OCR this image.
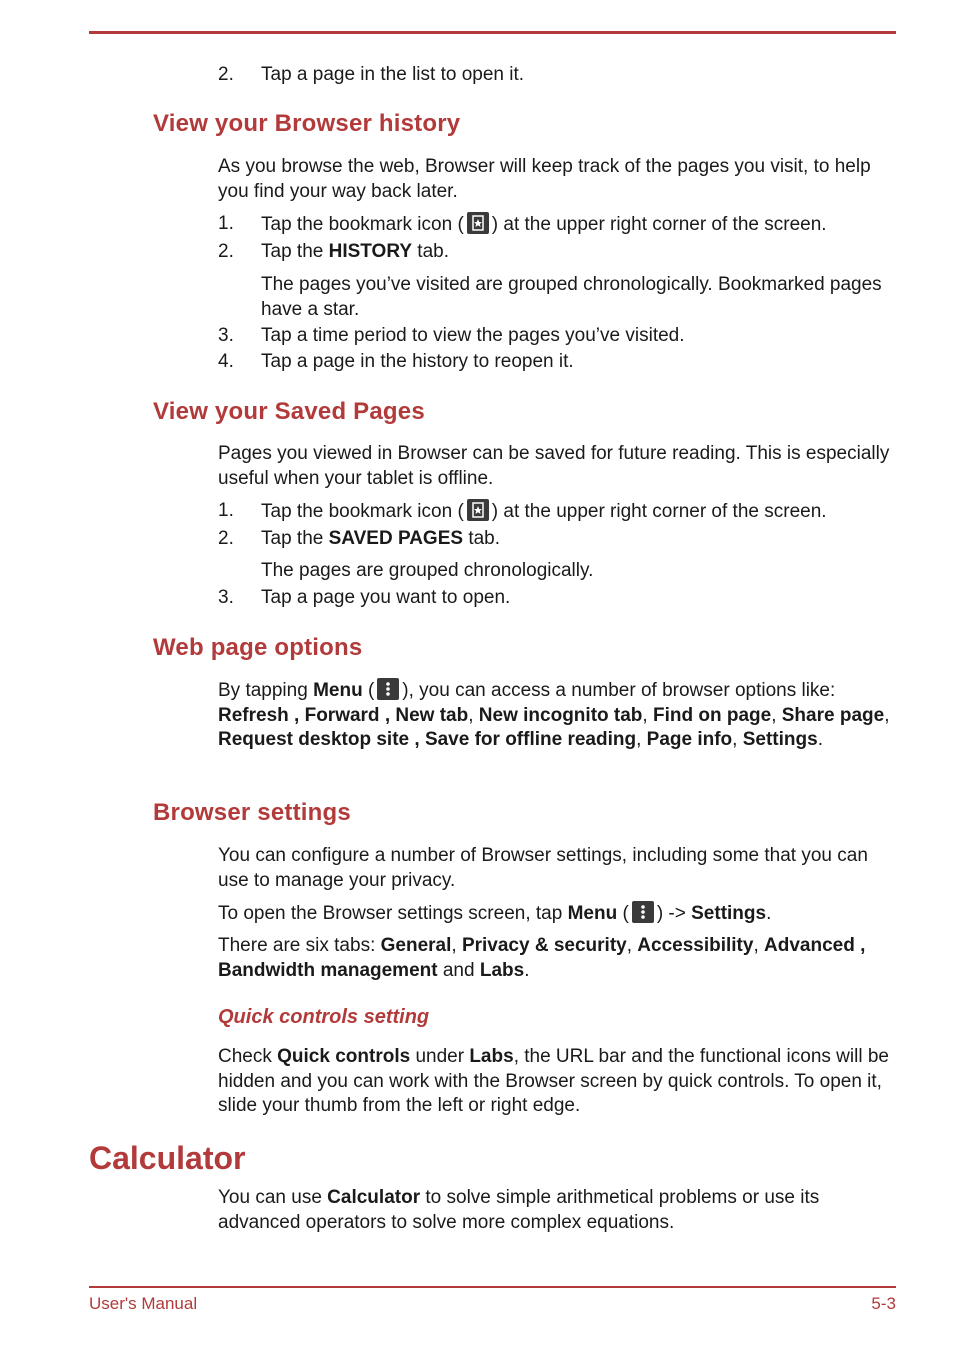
2. Tap a page in the list to open it.
View your Browser history
As you browse the web, Browser will keep track of the pages you visit, to help you find your way back later.
1. Tap the bookmark icon ( ) at the upper right corner of the screen.
2. Tap the HISTORY tab.
The pages you’ve visited are grouped chronologically. Bookmarked pages have a star.
3. Tap a time period to view the pages you’ve visited.
4. Tap a page in the history to reopen it.
View your Saved Pages
Pages you viewed in Browser can be saved for future reading. This is especially useful when your tablet is offline.
1. Tap the bookmark icon ( ) at the upper right corner of the screen.
2. Tap the SAVED PAGES tab.
The pages are grouped chronologically.
3. Tap a page you want to open.
Web page options
By tapping Menu ( ), you can access a number of browser options like: Refresh , Forward , New tab, New incognito tab, Find on page, Share page, Request desktop site , Save for offline reading, Page info, Settings.
Browser settings
You can configure a number of Browser settings, including some that you can use to manage your privacy.
To open the Browser settings screen, tap Menu ( ) -> Settings.
There are six tabs: General, Privacy & security, Accessibility, Advanced , Bandwidth management and Labs.
Quick controls setting
Check Quick controls under Labs, the URL bar and the functional icons will be hidden and you can work with the Browser screen by quick controls. To open it, slide your thumb from the left or right edge.
Calculator
You can use Calculator to solve simple arithmetical problems or use its advanced operators to solve more complex equations.
User's Manual	5-3
